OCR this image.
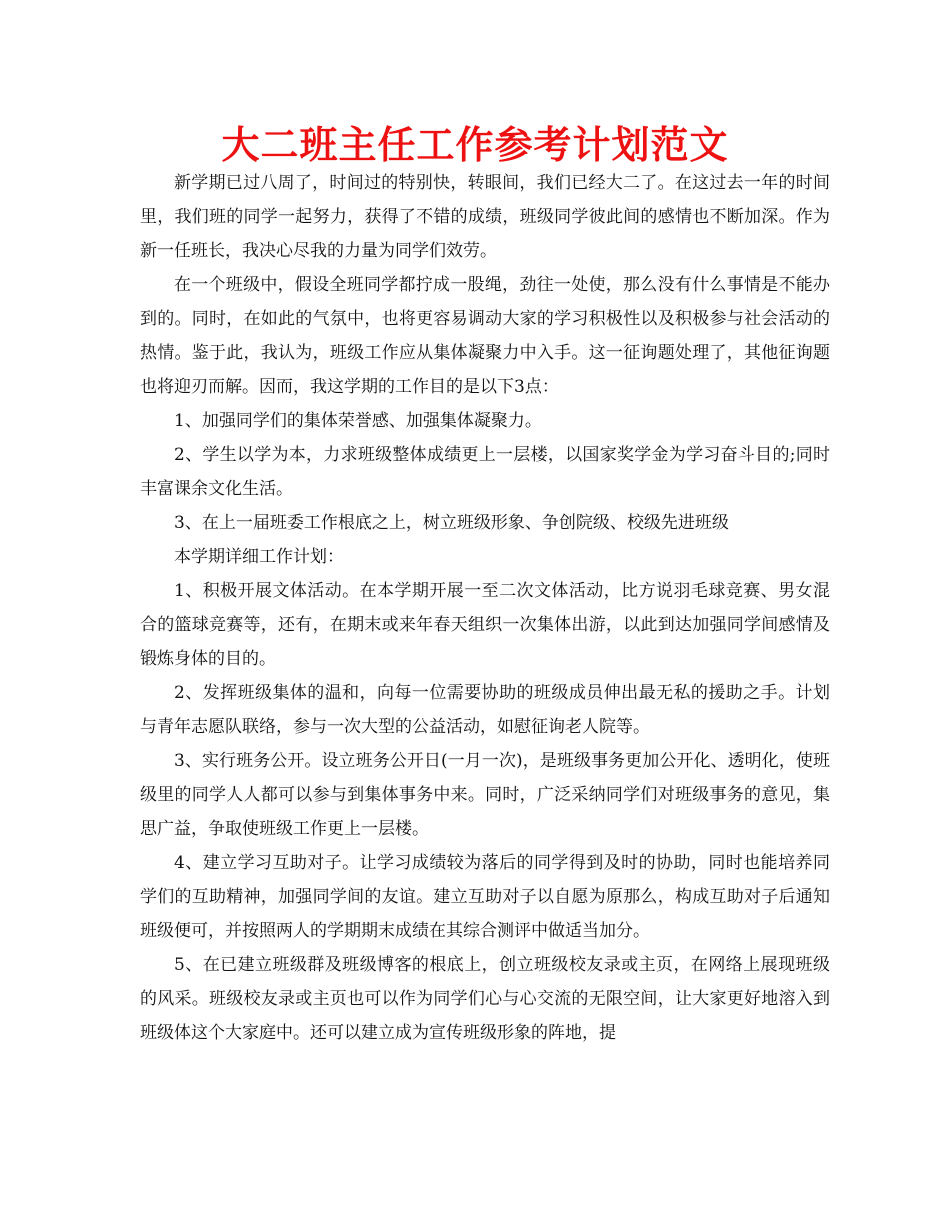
大二班主任工作参考计划范文

新学期已过八周了，时间过的特别快，转眼间，我们已经大二了。在这过去一年的时间里，我们班的同学一起努力，获得了不错的成绩，班级同学彼此间的感情也不断加深。作为新一任班长，我决心尽我的力量为同学们效劳。

在一个班级中，假设全班同学都拧成一股绳，劲往一处使，那么没有什么事情是不能办到的。同时，在如此的气氛中，也将更容易调动大家的学习积极性以及积极参与社会活动的热情。鉴于此，我认为，班级工作应从集体凝聚力中入手。这一征询题处理了，其他征询题也将迎刃而解。因而，我这学期的工作目的是以下3点：

1、加强同学们的集体荣誉感、加强集体凝聚力。

2、学生以学为本，力求班级整体成绩更上一层楼，以国家奖学金为学习奋斗目的;同时丰富课余文化生活。

3、在上一届班委工作根底之上，树立班级形象、争创院级、校级先进班级

本学期详细工作计划：

1、积极开展文体活动。在本学期开展一至二次文体活动，比方说羽毛球竞赛、男女混合的篮球竞赛等，还有，在期末或来年春天组织一次集体出游，以此到达加强同学间感情及锻炼身体的目的。

2、发挥班级集体的温和，向每一位需要协助的班级成员伸出最无私的援助之手。计划与青年志愿队联络，参与一次大型的公益活动，如慰征询老人院等。

3、实行班务公开。设立班务公开日(一月一次)，是班级事务更加公开化、透明化，使班级里的同学人人都可以参与到集体事务中来。同时，广泛采纳同学们对班级事务的意见，集思广益，争取使班级工作更上一层楼。

4、建立学习互助对子。让学习成绩较为落后的同学得到及时的协助，同时也能培养同学们的互助精神，加强同学间的友谊。建立互助对子以自愿为原那么，构成互助对子后通知班级便可，并按照两人的学期期末成绩在其综合测评中做适当加分。

5、在已建立班级群及班级博客的根底上，创立班级校友录或主页，在网络上展现班级的风采。班级校友录或主页也可以作为同学们心与心交流的无限空间，让大家更好地溶入到班级体这个大家庭中。还可以建立成为宣传班级形象的阵地，提
